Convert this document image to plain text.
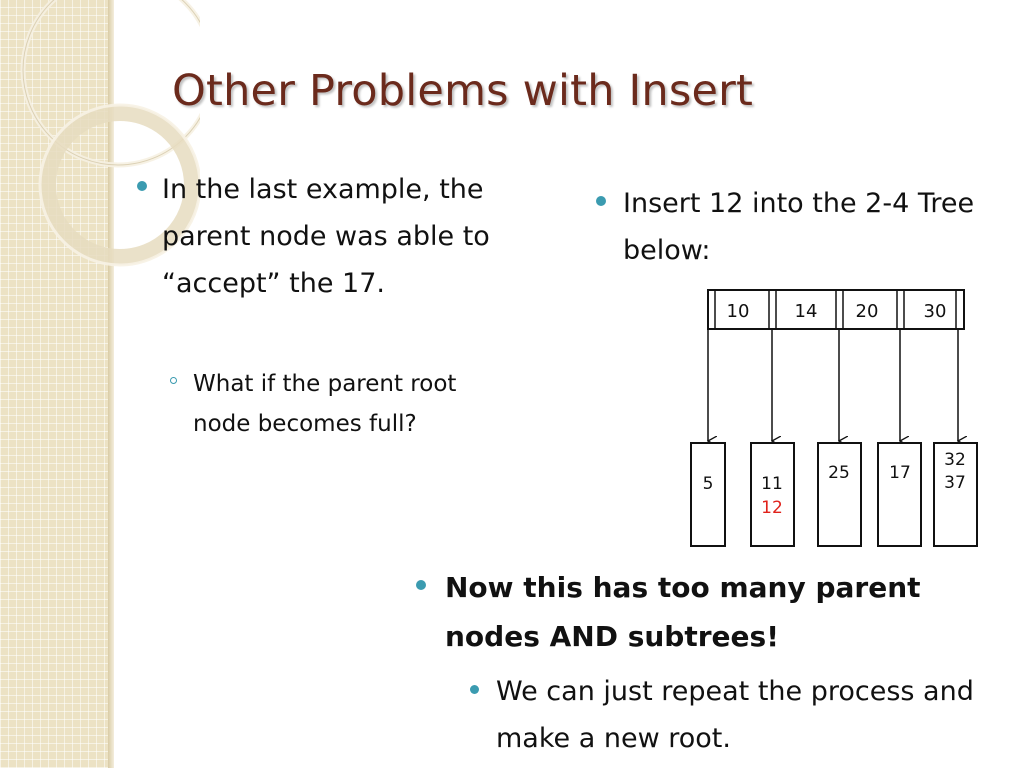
Other Problems with Insert
In the last example, the parent node was able to “accept” the 17.
What if the parent root node becomes full?
Insert 12 into the 2-4 Tree below:
10	14 20	30
5	11
12
25 17
32
37
Now this has too many parent nodes AND subtrees!
We can just repeat the process and make a new root.
